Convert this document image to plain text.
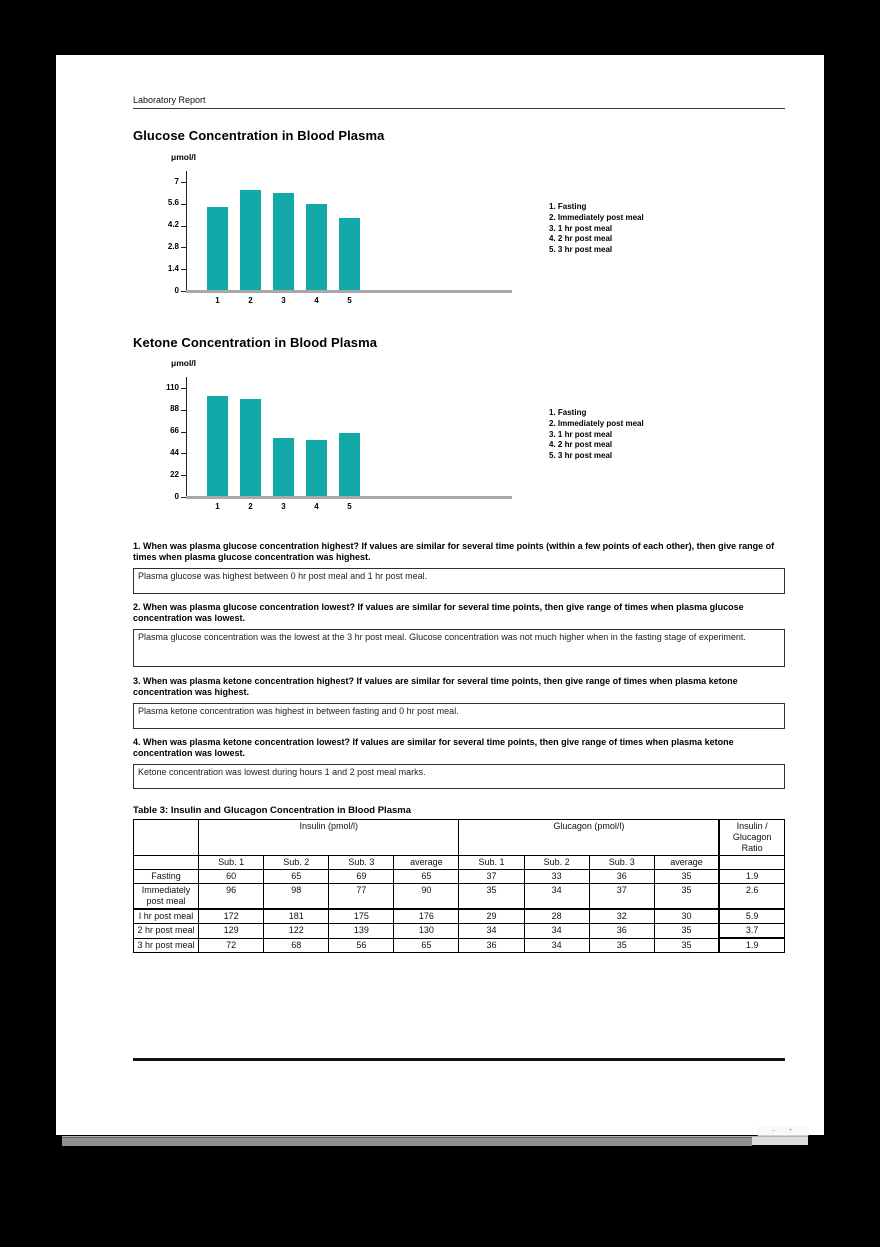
Laboratory Report
Glucose Concentration in Blood Plasma
μmol/l
0
1.4
2.8
4.2
5.6
7
1	2	3	4	5
1. Fasting
2. Immediately post meal
3. 1 hr post meal
4. 2 hr post meal
5. 3 hr post meal
Ketone Concentration in Blood Plasma
μmol/l
0
22
44
66
88
110
1	2	3	4	5
1. Fasting
2. Immediately post meal
3. 1 hr post meal
4. 2 hr post meal
5. 3 hr post meal
1. When was plasma glucose concentration highest? If values are similar for several time points (within a few points of each other), then give range of times when plasma glucose concentration was highest.
Plasma glucose was highest between 0 hr post meal and 1 hr post meal.
2. When was plasma glucose concentration lowest? If values are similar for several time points, then give range of times when plasma glucose concentration was lowest.
Plasma glucose concentration was the lowest at the 3 hr post meal. Glucose concentration was not much higher when in the fasting stage of experiment.
3. When was plasma ketone concentration highest? If values are similar for several time points, then give range of times when plasma ketone concentration was highest.
Plasma ketone concentration was highest in between fasting and 0 hr post meal.
4. When was plasma ketone concentration lowest? If values are similar for several time points, then give range of times when plasma ketone concentration was lowest.
Ketone concentration was lowest during hours 1 and 2 post meal marks.
Table 3: Insulin and Glucagon Concentration in Blood Plasma
	Insulin (pmol/l)				Glucagon (pmol/l)				Insulin / Glucagon Ratio
	Sub. 1	Sub. 2	Sub. 3	average	Sub. 1	Sub. 2	Sub. 3	average	
Fasting	60	65	69	65	37	33	36	35	1.9
Immediately post meal	96	98	77	90	35	34	37	35	2.6
I hr post meal	172	181	175	176	29	28	32	30	5.9
2 hr post meal	129	122	139	130	34	34	36	35	3.7
3 hr post meal	72	68	56	65	36	34	35	35	1.9
– · +
